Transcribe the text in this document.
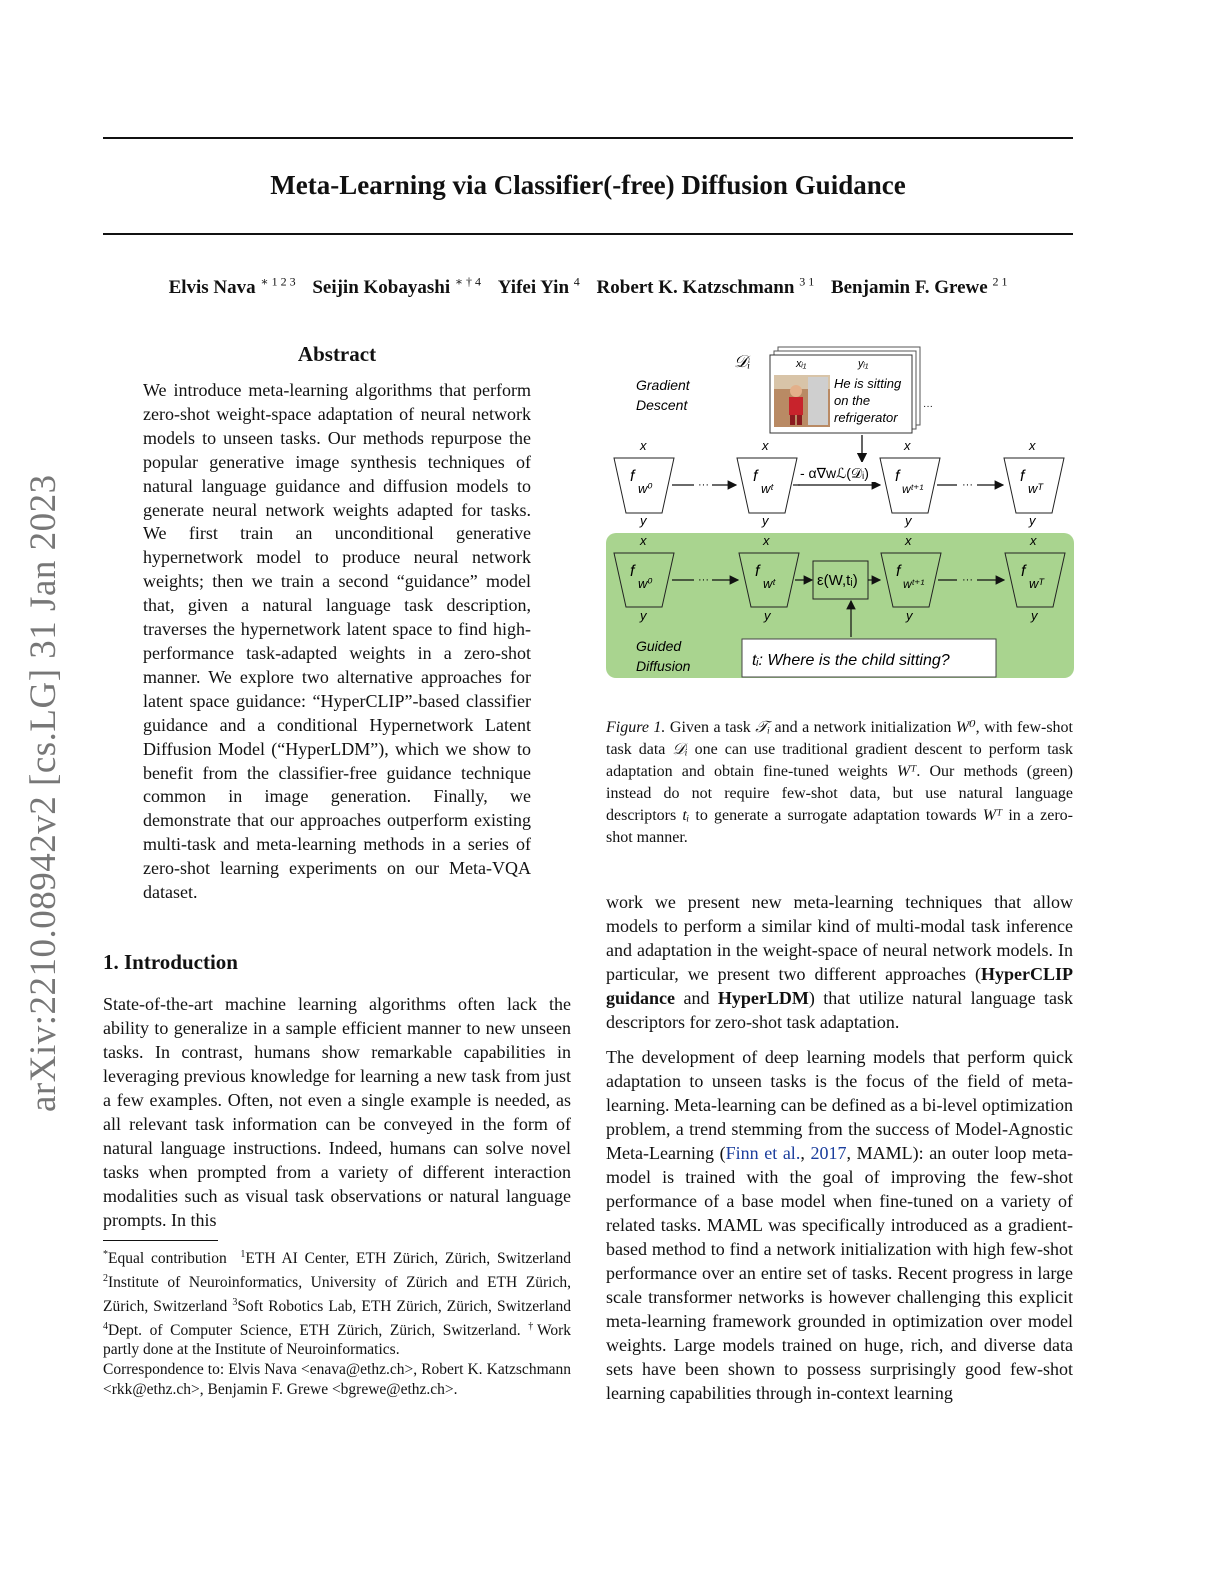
Meta-Learning via Classifier(-free) Diffusion Guidance
Elvis Nava $^{∗ 1 2 3}$ Seijin Kobayashi $^{∗ \dagger 4}$ Yifei Yin $^4$ Robert K. Katzschmann $^{3 1}$ Benjamin F. Grewe $^{2 1}$
arXiv:2210.08942v2 [cs.LG] 31 Jan 2023
Abstract
We introduce meta-learning algorithms that perform zero-shot weight-space adaptation of neural network models to unseen tasks. Our methods repurpose the popular generative image synthesis techniques of natural language guidance and diffusion models to generate neural network weights adapted for tasks. We first train an unconditional generative hypernetwork model to produce neural network weights; then we train a second “guidance” model that, given a natural language task description, traverses the hypernetwork latent space to find high-performance task-adapted weights in a zero-shot manner. We explore two alternative approaches for latent space guidance: “HyperCLIP”-based classifier guidance and a conditional Hypernetwork Latent Diffusion Model (“HyperLDM”), which we show to benefit from the classifier-free guidance technique common in image generation. Finally, we demonstrate that our approaches outperform existing multi-task and meta-learning methods in a series of zero-shot learning experiments on our Meta-VQA dataset.
1. Introduction
State-of-the-art machine learning algorithms often lack the ability to generalize in a sample efficient manner to new unseen tasks. In contrast, humans show remarkable capabilities in leveraging previous knowledge for learning a new task from just a few examples. Often, not even a single example is needed, as all relevant task information can be conveyed in the form of natural language instructions. Indeed, humans can solve novel tasks when prompted from a variety of different interaction modalities such as visual task observations or natural language prompts. In this

*Equal contribution $^1$ETH AI Center, ETH Zürich, Zürich, Switzerland $^2$Institute of Neuroinformatics, University of Zürich and ETH Zürich, Zürich, Switzerland $^3$Soft Robotics Lab, ETH Zürich, Zürich, Switzerland $^4$Dept. of Computer Science, ETH Zürich, Zürich, Switzerland. †Work partly done at the Institute of Neuroinformatics.

Correspondence to: Elvis Nava <enava@ethz.ch>, Robert K. Katzschmann <rkk@ethz.ch>, Benjamin F. Grewe <bgrewe@ethz.ch>.

Gradient
Descent
Guided
Diffusion
𝒟ᵢ
···
xᵢ₁	yᵢ₁
He is sitting
on the
refrigerator
x	x	x	x
f
w⁰
f
wᵗ
f
wᵗ⁺¹
f
wᵀ
y	y	y	y
···
- α∇wℒ(𝒟ᵢ)
···
x	x	x	x
f
w⁰
f
wᵗ
f
wᵗ⁺¹
f
wᵀ
y	y	y	y
···	ε(W,tᵢ)	···
tᵢ: Where is the child sitting?
Figure 1. Given a task 𝒯ᵢ and a network initialization W⁰, with few-shot task data 𝒟ᵢ one can use traditional gradient descent to perform task adaptation and obtain fine-tuned weights Wᵀ. Our methods (green) instead do not require few-shot data, but use natural language descriptors tᵢ to generate a surrogate adaptation towards Wᵀ in a zero-shot manner.
work we present new meta-learning techniques that allow models to perform a similar kind of multi-modal task inference and adaptation in the weight-space of neural network models. In particular, we present two different approaches (HyperCLIP guidance and HyperLDM) that utilize natural language task descriptors for zero-shot task adaptation.
The development of deep learning models that perform quick adaptation to unseen tasks is the focus of the field of meta-learning. Meta-learning can be defined as a bi-level optimization problem, a trend stemming from the success of Model-Agnostic Meta-Learning (Finn et al., 2017, MAML): an outer loop meta-model is trained with the goal of improving the few-shot performance of a base model when fine-tuned on a variety of related tasks. MAML was specifically introduced as a gradient-based method to find a network initialization with high few-shot performance over an entire set of tasks. Recent progress in large scale transformer networks is however challenging this explicit meta-learning framework grounded in optimization over model weights. Large models trained on huge, rich, and diverse data sets have been shown to possess surprisingly good few-shot learning capabilities through in-context learning
